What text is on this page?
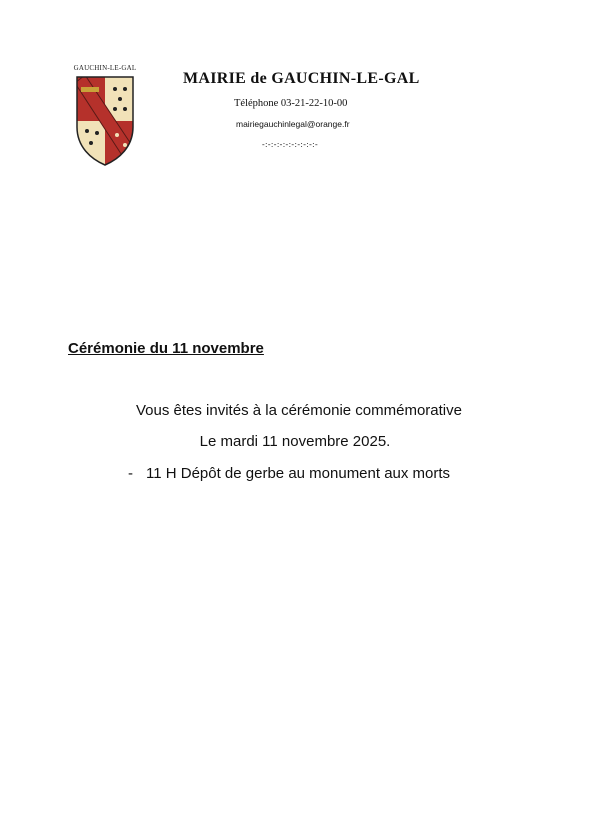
GAUCHIN-LE-GAL
MAIRIE de GAUCHIN-LE-GAL
Téléphone 03-21-22-10-00
mairiegauchinlegal@orange.fr
-:-:-:-:-:-:-:-:-:-
Cérémonie du 11 novembre
Vous êtes invités à la cérémonie commémorative
Le mardi 11 novembre 2025.
- 11 H Dépôt de gerbe au monument aux morts
